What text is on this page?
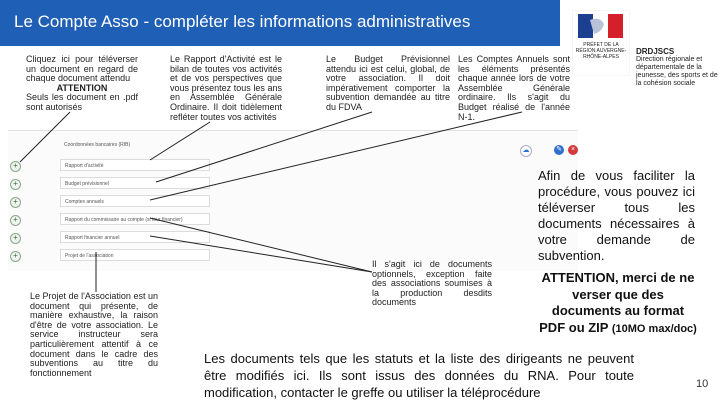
Le Compte Asso - compléter les informations administratives
PRÉFET DE LA RÉGION AUVERGNE-RHÔNE-ALPES
DRDJSCS
Direction régionale et départementale de la jeunesse, des sports et de la cohésion sociale
Cliquez ici pour téléverser un document en regard de chaque document attendu
ATTENTION
Seuls les document en .pdf sont autorisés
Le Rapport d'Activité est le bilan de toutes vos activités et de vos perspectives que vous présentez tous les ans en Assemblée Générale Ordinaire. Il doit tidèlement refléter toutes vos activités
Le Budget Prévisionnel attendu ici est celui, global, de votre association. Il doit impérativement comporter la subvention demandée au titre du FDVA
Les Comptes Annuels sont les éléments présentés chaque année lors de votre Assemblée Générale ordinaire. Ils s'agit du Budget réalisé de l'année N-1.
☁	✎	×
Coordonnées bancaires (RIB)
+	Rapport d'activité
+	Budget prévisionnel
+	Comptes annuels
+	Rapport du commissaire au compte (si tour financier)
+	Rapport financier annuel
+	Projet de l'association
Il s'agit ici de documents optionnels, exception faite des associations soumises à la production desdits documents
Le Projet de l'Association est un document qui présente, de manière exhaustive, la raison d'être de votre association. Le service instructeur sera particulièrement attentif à ce document dans le cadre des subventions au titre du fonctionnement
Afin de vous faciliter la procédure, vous pouvez ici téléverser tous les documents nécessaires à votre demande de subvention.
ATTENTION, merci de ne verser que des documents au format PDF ou ZIP (10MO max/doc)
Les documents tels que les statuts et la liste des dirigeants ne peuvent être modifiés ici. Ils sont issus des données du RNA. Pour toute modification, contacter le greffe ou utiliser la téléprocédure
10
